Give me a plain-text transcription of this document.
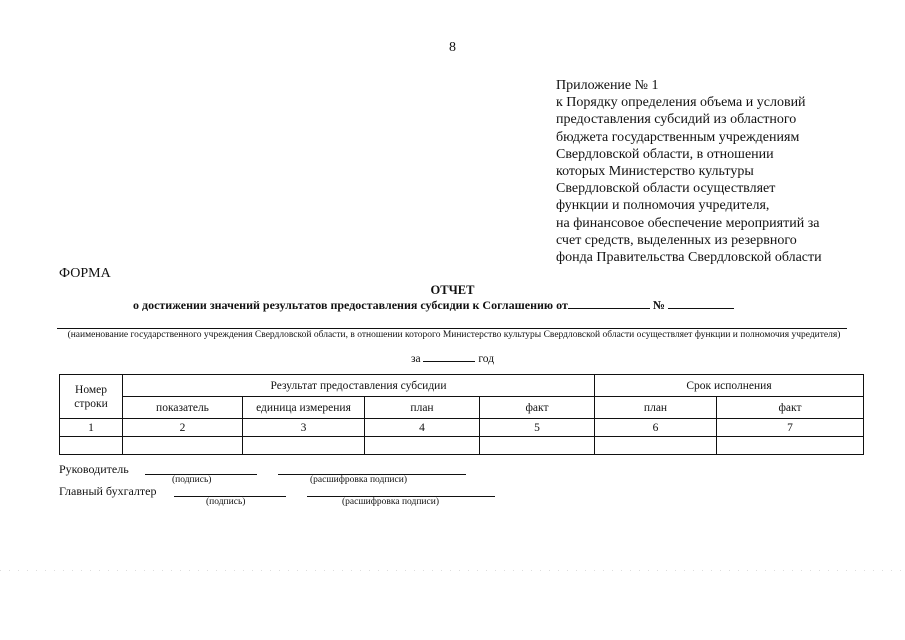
8
Приложение № 1
к Порядку определения объема и условий
предоставления субсидий из областного
бюджета государственным учреждениям
Свердловской области, в отношении
которых Министерство культуры
Свердловской области осуществляет
функции и полномочия учредителя,
на финансовое обеспечение мероприятий за
счет средств, выделенных из резервного
фонда Правительства Свердловской области
ФОРМА
ОТЧЕТ
о достижении значений результатов предоставления субсидии к Соглашению от	№
(наименование государственного учреждения Свердловской области, в отношении которого Министерство культуры Свердловской области осуществляет функции и полномочия учредителя)
за	год
Номер строки	Результат предоставления субсидии				Срок исполнения	
	показатель	единица измерения	план	факт	план	факт
1	2	3	4	5	6	7

Руководитель
(подпись)	(расшифровка подписи)
Главный бухгалтер
(подпись)	(расшифровка подписи)
